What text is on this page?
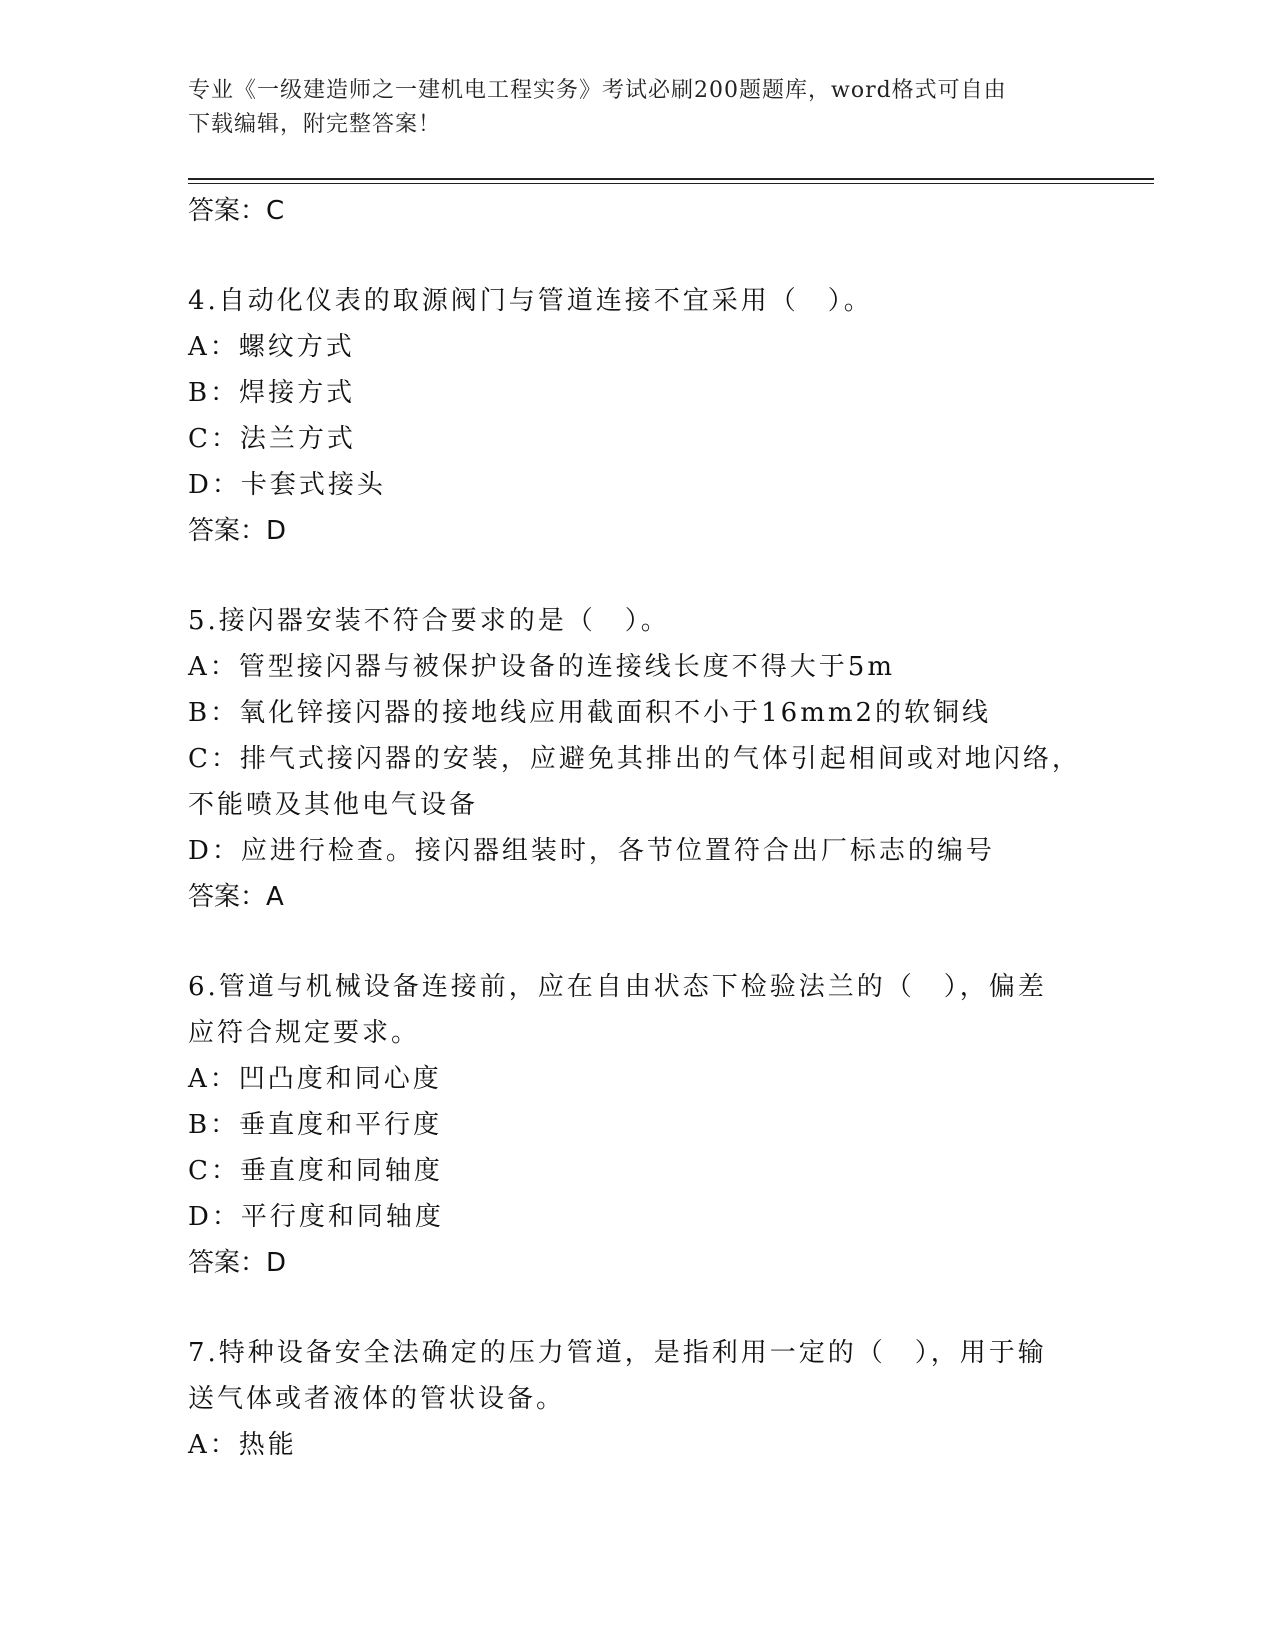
专业《一级建造师之一建机电工程实务》考试必刷200题题库，word格式可自由
下载编辑，附完整答案！
答案：C
4.自动化仪表的取源阀门与管道连接不宜采用（　）。
A：螺纹方式
B：焊接方式
C：法兰方式
D：卡套式接头
答案：D
5.接闪器安装不符合要求的是（　）。
A：管型接闪器与被保护设备的连接线长度不得大于5m
B：氧化锌接闪器的接地线应用截面积不小于16mm2的软铜线
C：排气式接闪器的安装，应避免其排出的气体引起相间或对地闪络，
不能喷及其他电气设备
D：应进行检查。接闪器组装时，各节位置符合出厂标志的编号
答案：A
6.管道与机械设备连接前，应在自由状态下检验法兰的（　），偏差
应符合规定要求。
A：凹凸度和同心度
B：垂直度和平行度
C：垂直度和同轴度
D：平行度和同轴度
答案：D
7.特种设备安全法确定的压力管道，是指利用一定的（　），用于输
送气体或者液体的管状设备。
A：热能
